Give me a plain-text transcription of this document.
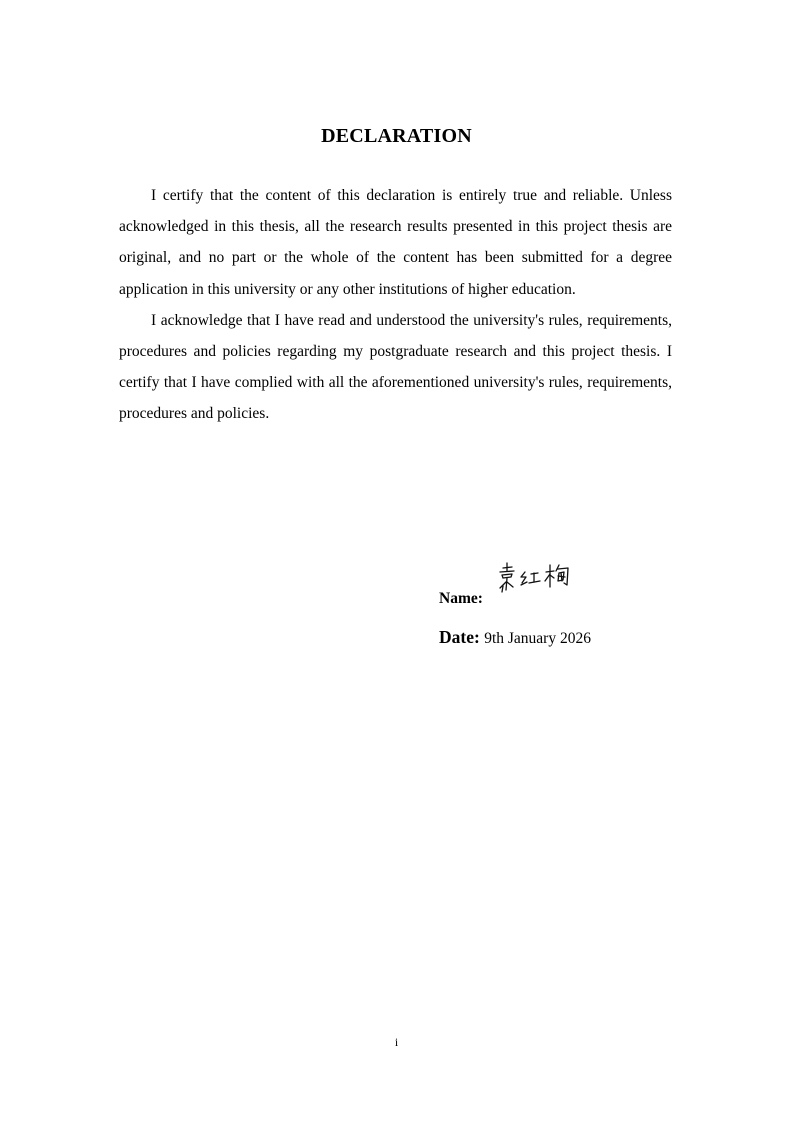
DECLARATION

I certify that the content of this declaration is entirely true and reliable. Unless acknowledged in this thesis, all the research results presented in this project thesis are original, and no part or the whole of the content has been submitted for a degree application in this university or any other institutions of higher education.

I acknowledge that I have read and understood the university's rules, requirements, procedures and policies regarding my postgraduate research and this project thesis. I certify that I have complied with all the aforementioned university's rules, requirements, procedures and policies.

Name:
Date: 9th January 2026
i
